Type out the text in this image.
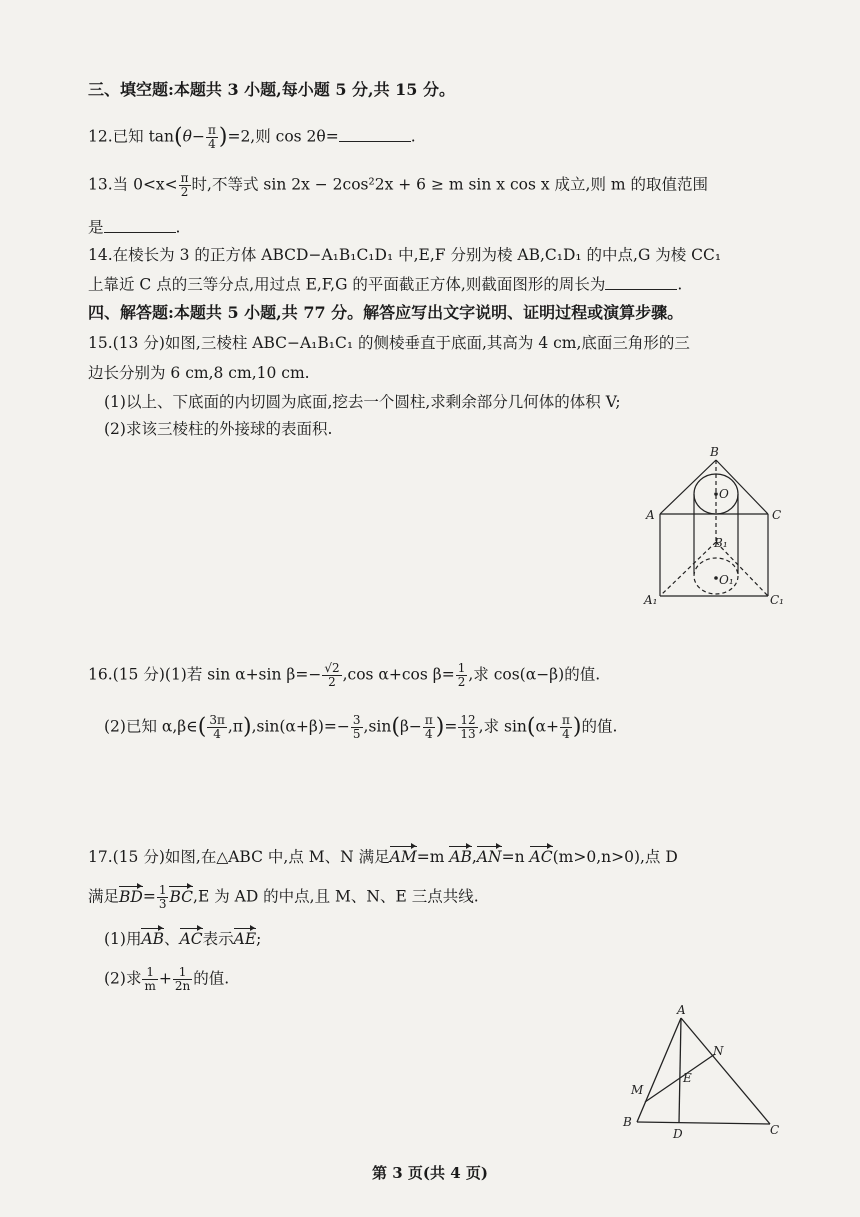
三、填空题:本题共 3 小题,每小题 5 分,共 15 分。
12.已知 $\tan(\theta- \frac{\pi}{4} )=2$,则 cos 2θ=	.
13.当 $0<x< \frac{\pi}{2}$ 时,不等式 sin 2x − 2cos²2x + 6 ≥ m sin x cos x 成立,则 m 的取值范围
是	.
14.在棱长为 3 的正方体 ABCD−A₁B₁C₁D₁ 中,E,F 分别为棱 AB,C₁D₁ 的中点,G 为棱 CC₁
上靠近 C 点的三等分点,用过点 E,F,G 的平面截正方体,则截面图形的周长为	.
四、解答题:本题共 5 小题,共 77 分。解答应写出文字说明、证明过程或演算步骤。
15.(13 分)如图,三棱柱 ABC−A₁B₁C₁ 的侧棱垂直于底面,其高为 4 cm,底面三角形的三
边长分别为 6 cm,8 cm,10 cm.
(1)以上、下底面的内切圆为底面,挖去一个圆柱,求剩余部分几何体的体积 V;
(2)求该三棱柱的外接球的表面积.
B
O
A	C
B₁
O₁
A₁	C₁
16.(15 分)(1)若 sin α+sin $\beta=- \frac{√2}{2} ,\cos$ α+cos $\beta= \frac{1}{2}$ ,求 cos(α−β)的值.
(2)已知 α,β∈( $\frac{3\pi}{4} ,\pi),\sin(\alpha+\beta)=- \frac{3}{5} ,\sin(\beta- \frac{\pi}{4}$ )= $\frac{12}{13}$ ,求 $\sin(\alpha+ \frac{\pi}{4}$ )的值.
17.(15 分)如图,在△ABC 中,点 M、N 满足AM=m AB,AN=n AC(m>0,n>0),点 D
满足$BD= \frac{1}{3} BC,E$ 为 AD 的中点,且 M、N、E 三点共线.
(1)用AB、AC表示AE;
(2)求 $\frac{1}{m} + \frac{1}{2n}$ 的值.
A
N
E
M
B
D	C
第 3 页(共 4 页)
